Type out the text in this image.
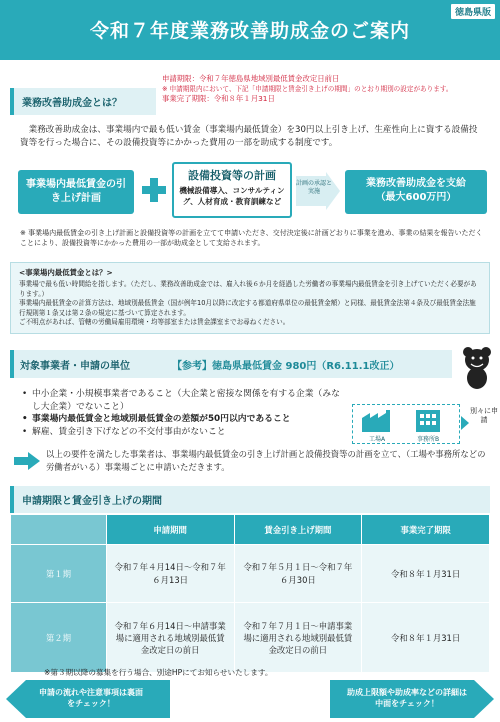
令和７年度業務改善助成金のご案内
徳島県版
業務改善助成金とは？
申請期限：令和７年徳島県地域別最低賃金改定日前日
※ 申請期限内において、下記「申請期限と賃金引き上げの期間」のとおり期別の設定があります。
事業完了期限：令和８年１月31日
業務改善助成金は、事業場内で最も低い賃金（事業場内最低賃金）を30円以上引き上げ、生産性向上に資する設備投資等を行った場合に、その設備投資等にかかった費用の一部を助成する制度です。
事業場内最低賃金の引き上げ計画
設備投資等の計画
機械設備導入、コンサルティング、人材育成・教育訓練など
計画の承認と実施
業務改善助成金を支給
（最大600万円）
※ 事業場内最低賃金の引き上げ計画と設備投資等の計画を立てて申請いただき、交付決定後に計画どおりに事業を進め、事業の結果を報告いただくことにより、設備投資等にかかった費用の一部が助成金として支給されます。
<事業場内最低賃金とは？>
事業場で最も低い時間給を指します。（ただし、業務改善助成金では、雇入れ後６か月を経過した労働者の事業場内最低賃金を引き上げていただく必要があります。）
事業場内最低賃金の計算方法は、地域別最低賃金（国が例年10月以降に改定する都道府県単位の最低賃金額）と同様、最低賃金法第４条及び最低賃金法施行規則第１条又は第２条の規定に基づいて算定されます。
ご不明点があれば、管轄の労働局雇用環境・均等部室または賃金課室までお尋ねください。
対象事業者・申請の単位	【参考】徳島県最低賃金 980円（R6.11.1改正）
• 中小企業・小規模事業者であること（大企業と密接な関係を有する企業（みなし大企業）でないこと）
• 事業場内最低賃金と地域別最低賃金の差額が50円以内であること
• 解雇、賃金引き下げなどの不交付事由がないこと
工場A	事務所B
別々に申請
以上の要件を満たした事業者は、事業場内最低賃金の引き上げ計画と設備投資等の計画を立て、（工場や事務所などの労働者がいる）事業場ごとに申請いただきます。
申請期限と賃金引き上げの期間
	申請期間	賃金引き上げ期間	事業完了期限
第１期	令和７年４月14日～令和７年６月13日	令和７年５月１日～令和７年６月30日	令和８年１月31日
第２期	令和７年６月14日～申請事業場に適用される地域別最低賃金改定日の前日	令和７年７月１日～申請事業場に適用される地域別最低賃金改定日の前日	令和８年１月31日
※第３期以降の募集を行う場合、別途HPにてお知らせいたします。
申請の流れや注意事項は裏面をチェック！
助成上限額や助成率などの詳細は中面をチェック！
